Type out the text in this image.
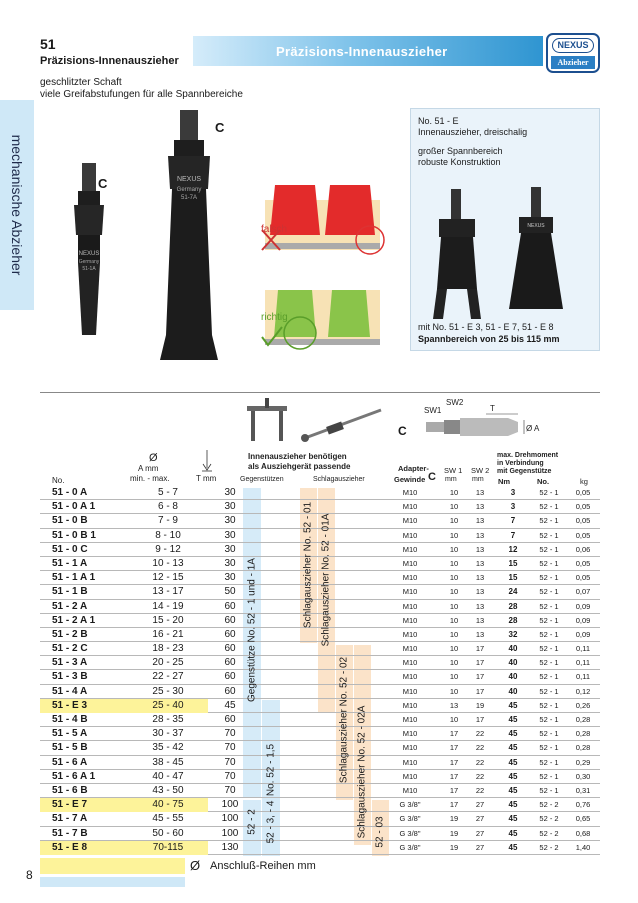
mechanische Abzieher
51
Präzisions-Innenauszieher
Präzisions-Innenauszieher	NEXUS
Abzieher
geschlitzter Schaft
viele Greifabstufungen für alle Spannbereiche
NEXUS
Germany
51-1A
NEXUS
Germany
51-7A
C
C
falsch
richtig
NEXUS
No. 51 - E
Innenauszieher, dreischalig
großer Spannbereich
robuste Konstruktion
mit No. 51 - E 3, 51 - E 7, 51 - E 8
Spannbereich von 25 bis 115 mm
SW1
SW2
T
C	Ø A
Ø
A mm
min. - max.
No.	T mm
Innenauszieher benötigen
als Ausziehgerät passende
Gegenstützen	Schlagauszieher
Adapter-
Gewinde C
SW 1
mm
SW 2
mm
max. Drehmoment
in Verbindung
mit Gegenstütze
Nm	No.	kg
51 - 0 A	5 - 7	30	M10	10	13	3	52 - 1	0,05
51 - 0 A 1	6 - 8	30	M10	10	13	3	52 - 1	0,05
51 - 0 B	7 - 9	30	M10	10	13	7	52 - 1	0,05
51 - 0 B 1	8 - 10	30	M10	10	13	7	52 - 1	0,05
51 - 0 C	9 - 12	30	M10	10	13	12	52 - 1	0,06
51 - 1 A	10 - 13	30	M10	10	13	15	52 - 1	0,05
51 - 1 A 1	12 - 15	30	M10	10	13	15	52 - 1	0,05
51 - 1 B	13 - 17	50	M10	10	13	24	52 - 1	0,07
51 - 2 A	14 - 19	60	M10	10	13	28	52 - 1	0,09
51 - 2 A 1	15 - 20	60	M10	10	13	28	52 - 1	0,09
51 - 2 B	16 - 21	60	M10	10	13	32	52 - 1	0,09
51 - 2 C	18 - 23	60	M10	10	17	40	52 - 1	0,11
51 - 3 A	20 - 25	60	M10	10	17	40	52 - 1	0,11
51 - 3 B	22 - 27	60	M10	10	17	40	52 - 1	0,11
51 - 4 A	25 - 30	60	M10	10	17	40	52 - 1	0,12
51 - E 3	25 - 40	45	M10	13	19	45	52 - 1	0,26
51 - 4 B	28 - 35	60	M10	10	17	45	52 - 1	0,28
51 - 5 A	30 - 37	70	M10	17	22	45	52 - 1	0,28
51 - 5 B	35 - 42	70	M10	17	22	45	52 - 1	0,28
51 - 6 A	38 - 45	70	M10	17	22	45	52 - 1	0,29
51 - 6 A 1	40 - 47	70	M10	17	22	45	52 - 1	0,30
51 - 6 B	43 - 50	70	M10	17	22	45	52 - 1	0,31
51 - E 7	40 - 75	100	G 3/8"	17	27	45	52 - 2	0,76
51 - 7 A	45 - 55	100	G 3/8"	19	27	45	52 - 2	0,65
51 - 7 B	50 - 60	100	G 3/8"	19	27	45	52 - 2	0,68
51 - E 8	70-115	130	G 3/8"	19	27	45	52 - 2	1,40
Gegenstütze No. 52 - 1 und - 1A
No. 52 - 1,5
52 - 2 52 - 3, - 4
Schlagauszieher No. 52 - 01 Schlagauszieher No. 52 - 01A
Schlagauszieher No. 52 - 02 Schlagauszieher No. 52 - 02A 52 - 03
Ø Anschluß-Reihen mm
8
